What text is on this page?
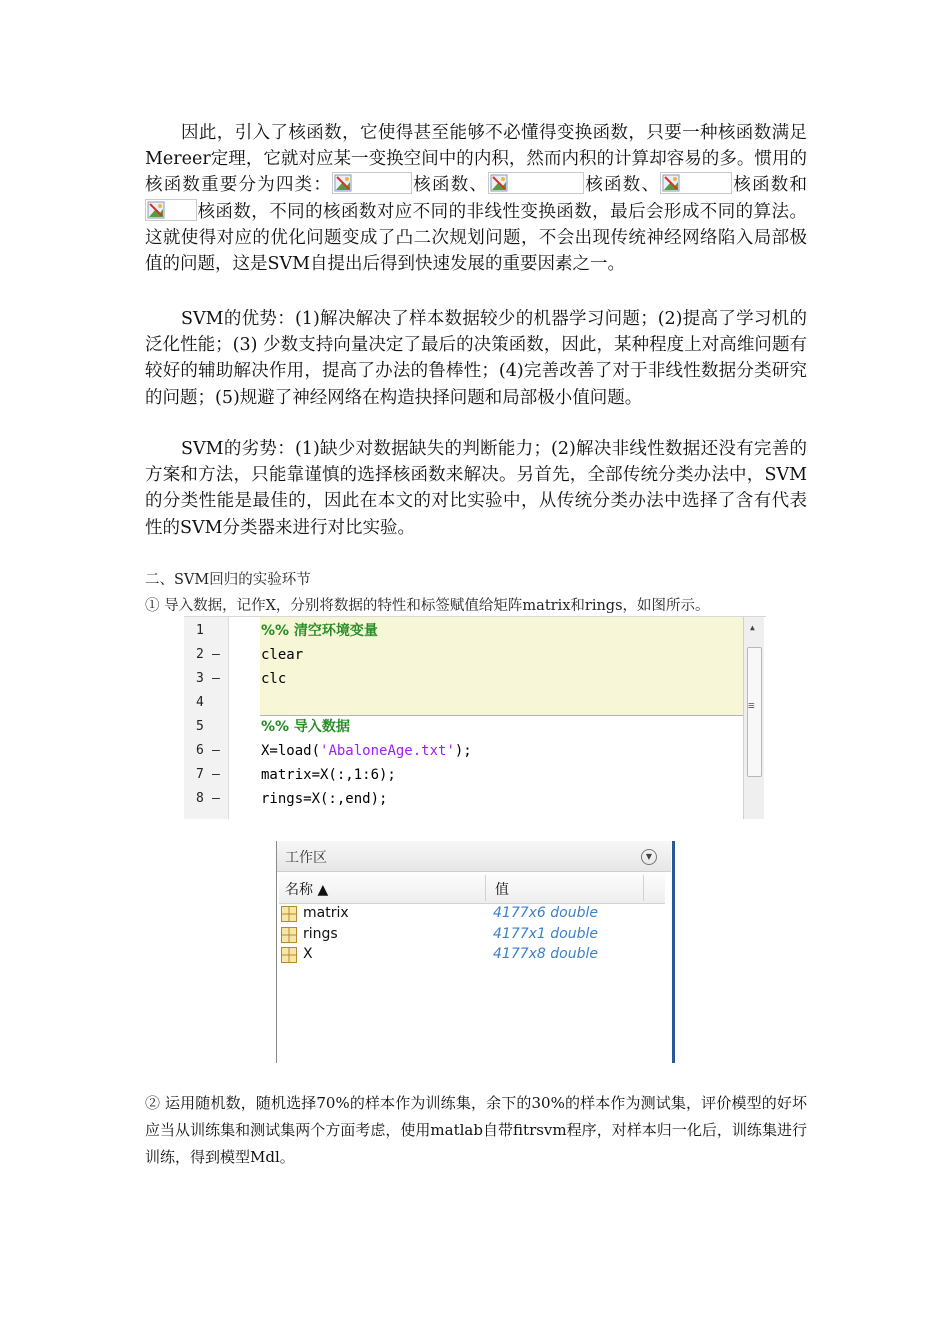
因此，引入了核函数，它使得甚至能够不必懂得变换函数，只要一种核函数满足Mereer定理，它就对应某一变换空间中的内积，然而内积的计算却容易的多。惯用的核函数重要分为四类：	核函数、	核函数、	核函数和
核函数，不同的核函数对应不同的非线性变换函数，最后会形成不同的算法。这就使得对应的优化问题变成了凸二次规划问题，不会出现传统神经网络陷入局部极值的问题，这是SVM自提出后得到快速发展的重要因素之一。

SVM的优势：(1)解决解决了样本数据较少的机器学习问题；(2)提高了学习机的泛化性能；(3) 少数支持向量决定了最后的决策函数，因此，某种程度上对高维问题有较好的辅助解决作用，提高了办法的鲁棒性；(4)完善改善了对于非线性数据分类研究的问题；(5)规避了神经网络在构造抉择问题和局部极小值问题。

SVM的劣势：(1)缺少对数据缺失的判断能力；(2)解决非线性数据还没有完善的方案和方法，只能靠谨慎的选择核函数来解决。另首先，全部传统分类办法中，SVM的分类性能是最佳的，因此在本文的对比实验中，从传统分类办法中选择了含有代表性的SVM分类器来进行对比实验。

二、SVM回归的实验环节
① 导入数据，记作X，分别将数据的特性和标签赋值给矩阵matrix和rings，如图所示。
1
2 –
3 –
4
5
6 –
7 –
8 –
%% 清空环境变量
clear
clc
%% 导入数据
X=load('AbaloneAge.txt');
matrix=X(:,1:6);
rings=X(:,end);
▲
≡
工作区	▼
名称 ▲	值
matrix	4177x6 double
rings	4177x1 double
X	4177x8 double
② 运用随机数，随机选择70%的样本作为训练集，余下的30%的样本作为测试集，评价模型的好坏应当从训练集和测试集两个方面考虑，使用matlab自带fitrsvm程序，对样本归一化后，训练集进行训练，得到模型Mdl。
